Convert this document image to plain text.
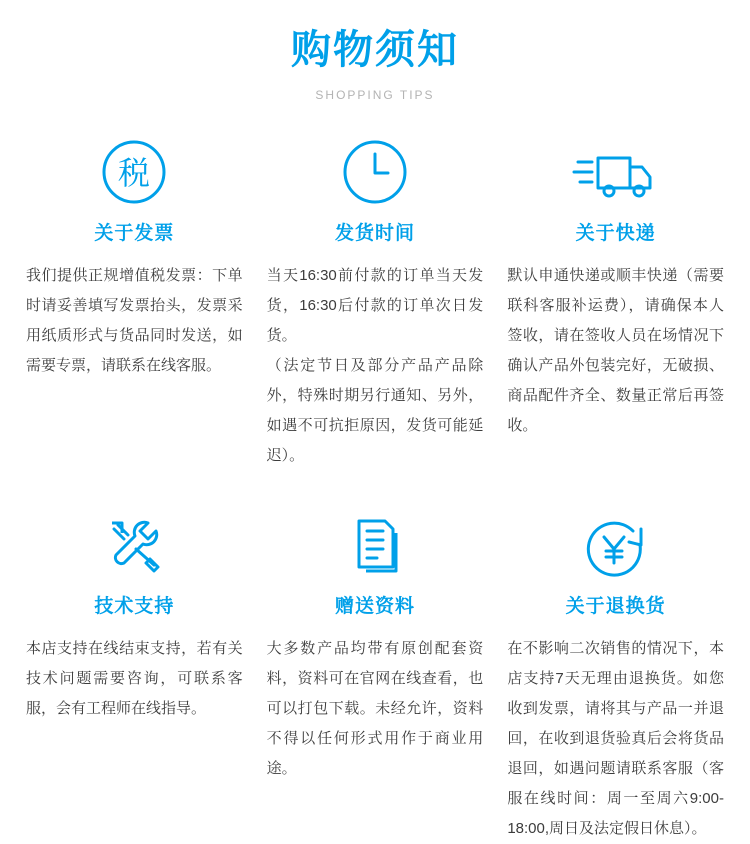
购物须知
SHOPPING TIPS
税
关于发票

我们提供正规增值税发票：下单时请妥善填写发票抬头，发票采用纸质形式与货品同时发送，如需要专票，请联系在线客服。

发货时间

当天16:30前付款的订单当天发货，16:30后付款的订单次日发货。

（法定节日及部分产品产品除外，特殊时期另行通知、另外，如遇不可抗拒原因，发货可能延迟）。

关于快递

默认申通快递或顺丰快递（需要联科客服补运费），请确保本人签收，请在签收人员在场情况下确认产品外包装完好，无破损、商品配件齐全、数量正常后再签收。

技术支持

本店支持在线结束支持，若有关技术问题需要咨询，可联系客服，会有工程师在线指导。

赠送资料

大多数产品均带有原创配套资料，资料可在官网在线查看，也可以打包下载。未经允许，资料不得以任何形式用作于商业用途。

关于退换货

在不影响二次销售的情况下，本店支持7天无理由退换货。如您收到发票，请将其与产品一并退回，在收到退货验真后会将货品退回，如遇问题请联系客服（客服在线时间：周一至周六9:00-18:00,周日及法定假日休息）。
